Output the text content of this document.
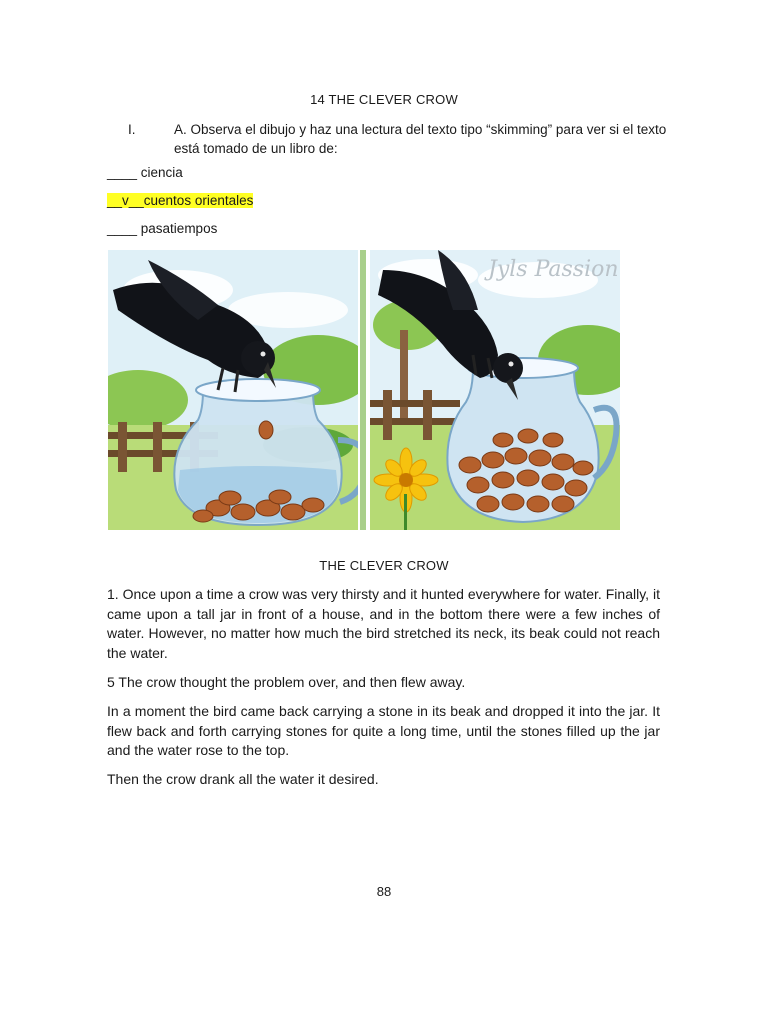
14 THE CLEVER CROW
I.	A. Observa el dibujo y haz una lectura del texto tipo “skimming” para ver si el texto está tomado de un libro de:
____ ciencia
__v__cuentos orientales
____ pasatiempos
Jyls Passion
THE CLEVER CROW

1. Once upon a time a crow was very thirsty and it hunted everywhere for water. Finally, it came upon a tall jar in front of a house, and in the bottom there were a few inches of water. However, no matter how much the bird stretched its neck, its beak could not reach the water.

5 The crow thought the problem over, and then flew away.

In a moment the bird came back carrying a stone in its beak and dropped it into the jar. It flew back and forth carrying stones for quite a long time, until the stones filled up the jar and the water rose to the top.

Then the crow drank all the water it desired.

88
